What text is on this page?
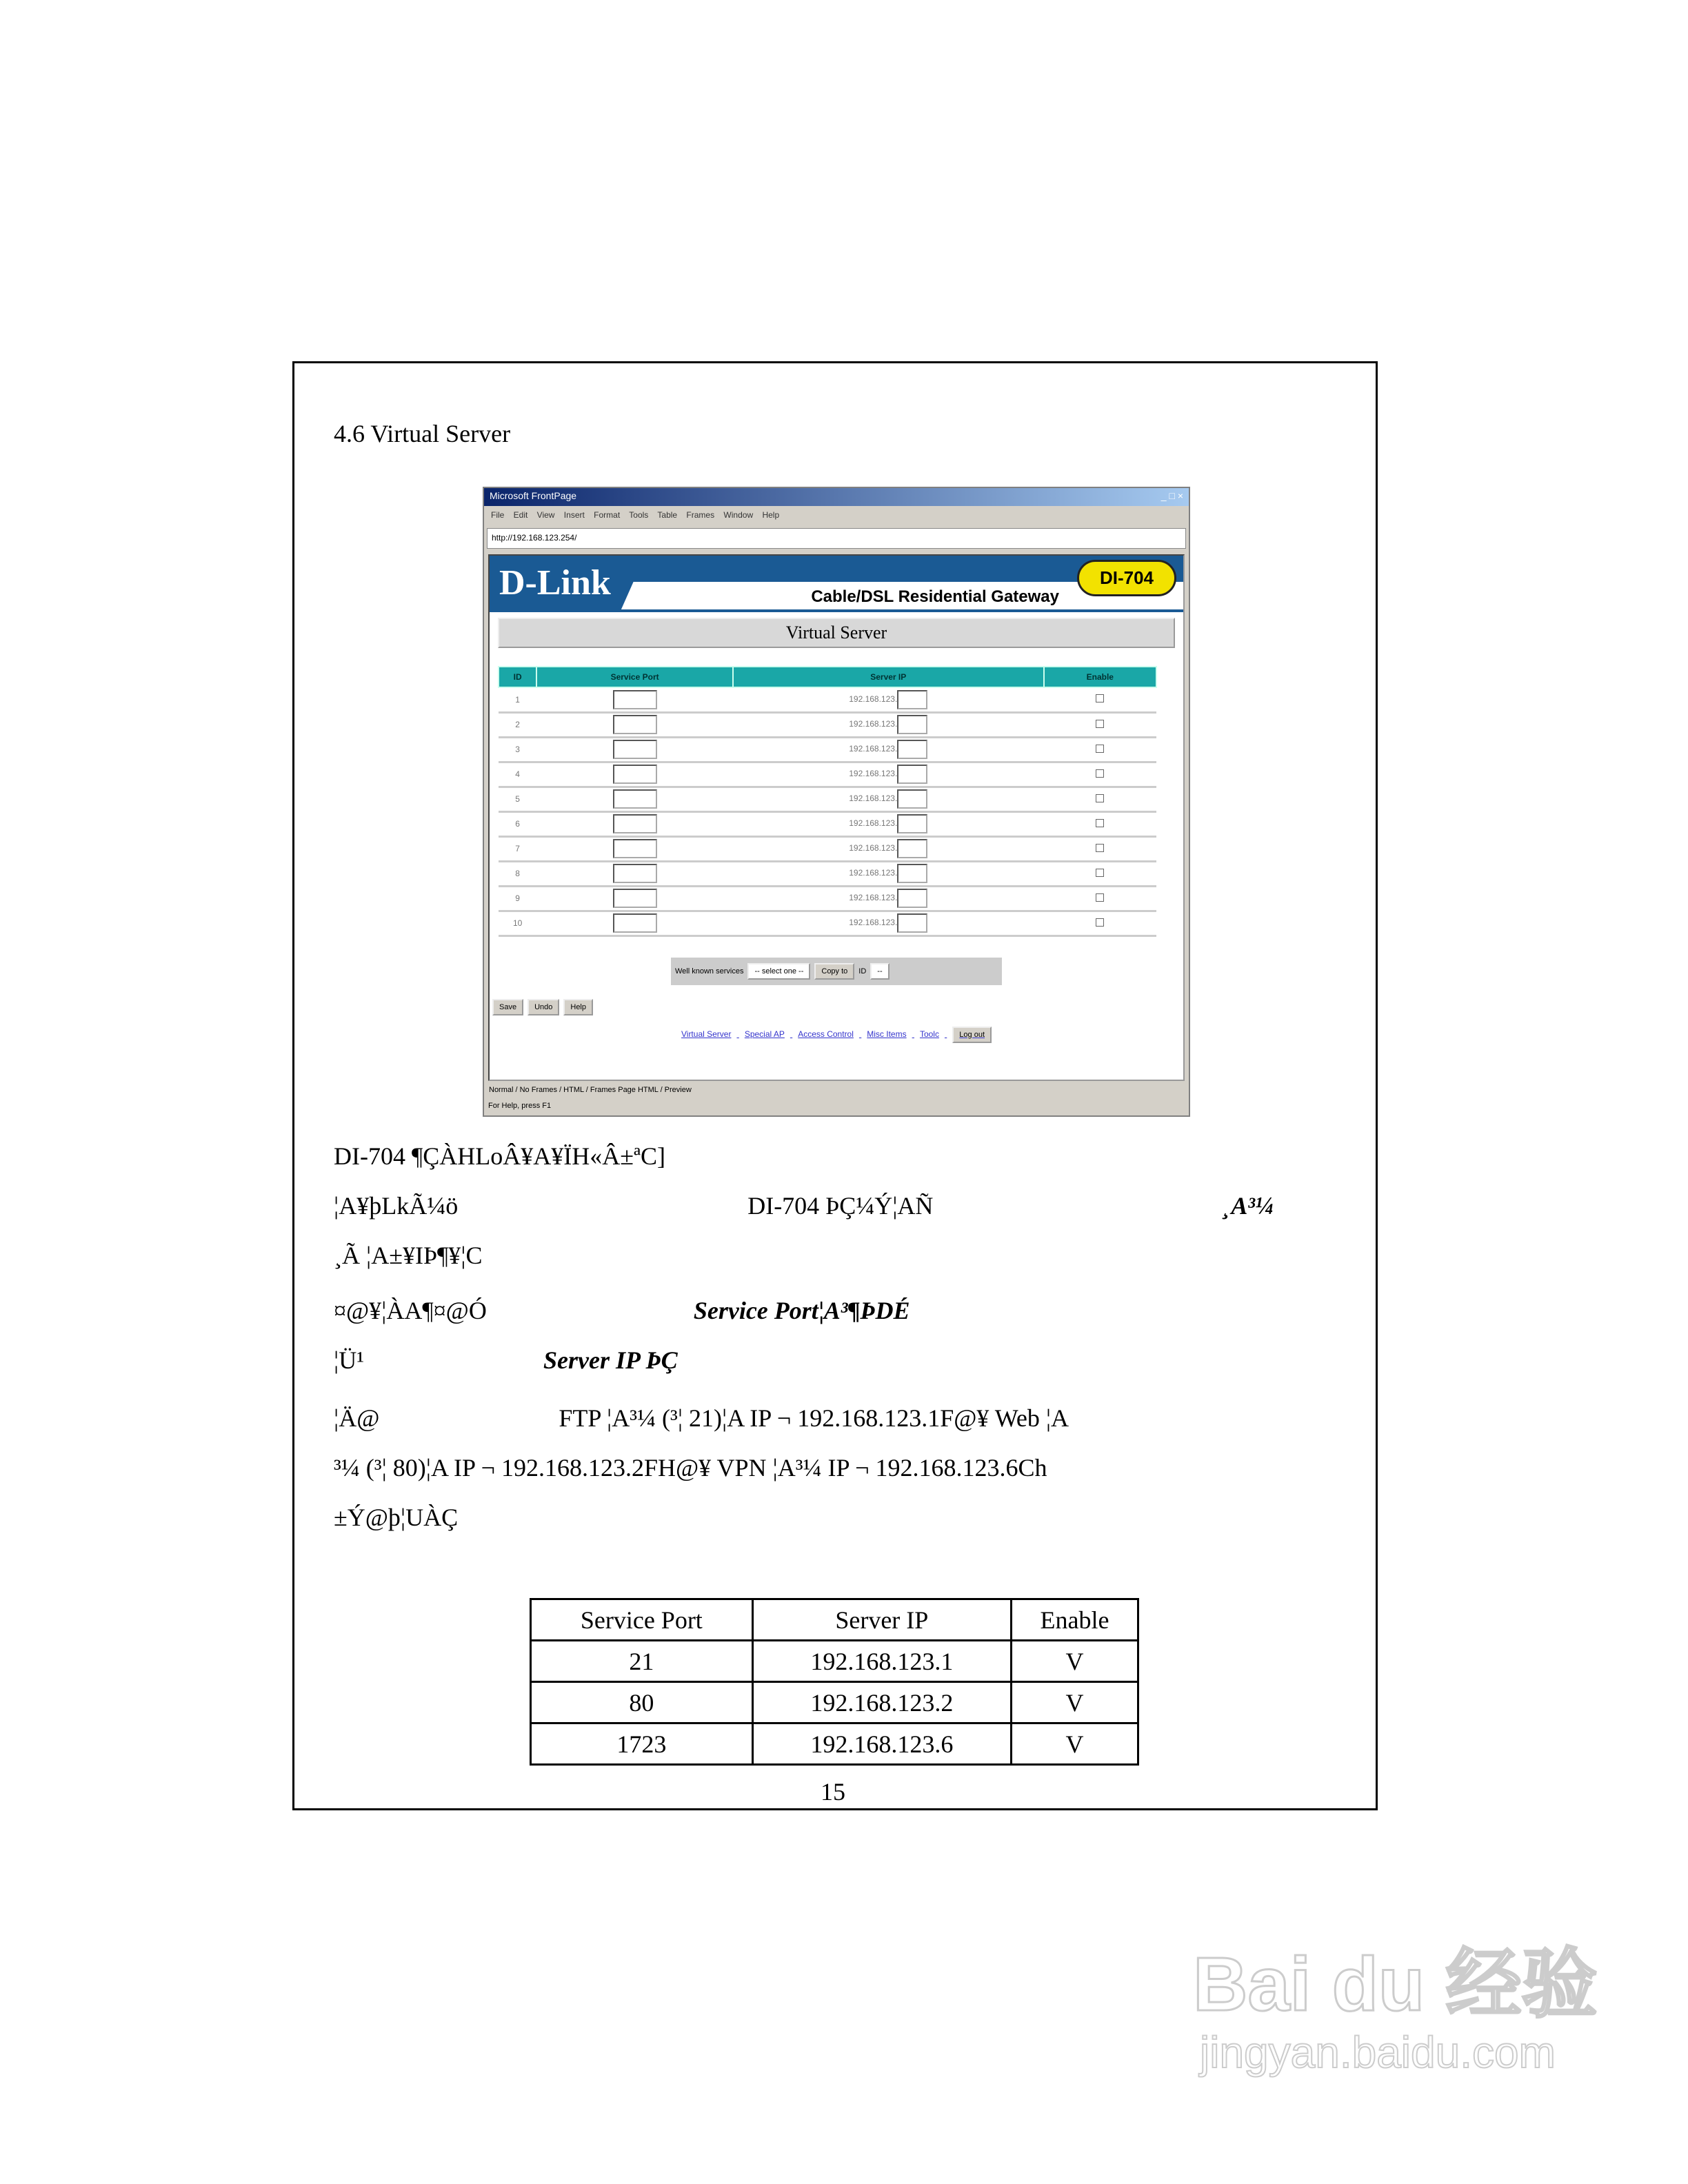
4.6 Virtual Server
Microsoft FrontPage	_ □ ×
File Edit View Insert Format Tools Table Frames Window Help
http://192.168.123.254/
D-Link	Cable/DSL Residential Gateway
DI-704
Virtual Server
ID	Service Port	Server IP	Enable
1		192.168.123.	
2		192.168.123.	
3		192.168.123.	
4		192.168.123.	
5		192.168.123.	
6		192.168.123.	
7		192.168.123.	
8		192.168.123.	
9		192.168.123.	
10		192.168.123.	
Well known services	-- select one --	Copy to	ID	--
Save	Undo	Help
Virtual Server Special AP Access Control Misc Items Toolc	Log out
Normal / No Frames / HTML / Frames Page HTML / Preview
For Help, press F1
DI-704 ¶ÇÀHLoÂ¥A¥ÏH«Â±ªC]
¦A¥þLkÃ¼ö	DI-704 ÞÇ¼Ý¦AÑ	¸A³¼
¸Ã ¦A±¥IÞ¶¥¦C
¤@¥¦ÀA¶¤@Ó	Service Port¦A³¶ÞDÉ
¦Ü¹	Server IP ÞÇ
¦Ä@	FTP ¦A³¼ (³¦ 21)¦A IP ¬ 192.168.123.1F@¥ Web ¦A
³¼ (³¦ 80)¦A IP ¬ 192.168.123.2FH@¥ VPN ¦A³¼ IP ¬ 192.168.123.6Ch
±Ý@þ¦UÀÇ
Service Port	Server IP	Enable
21	192.168.123.1	V
80	192.168.123.2	V
1723	192.168.123.6	V
15
Bai du 经验
jingyan.baidu.com
